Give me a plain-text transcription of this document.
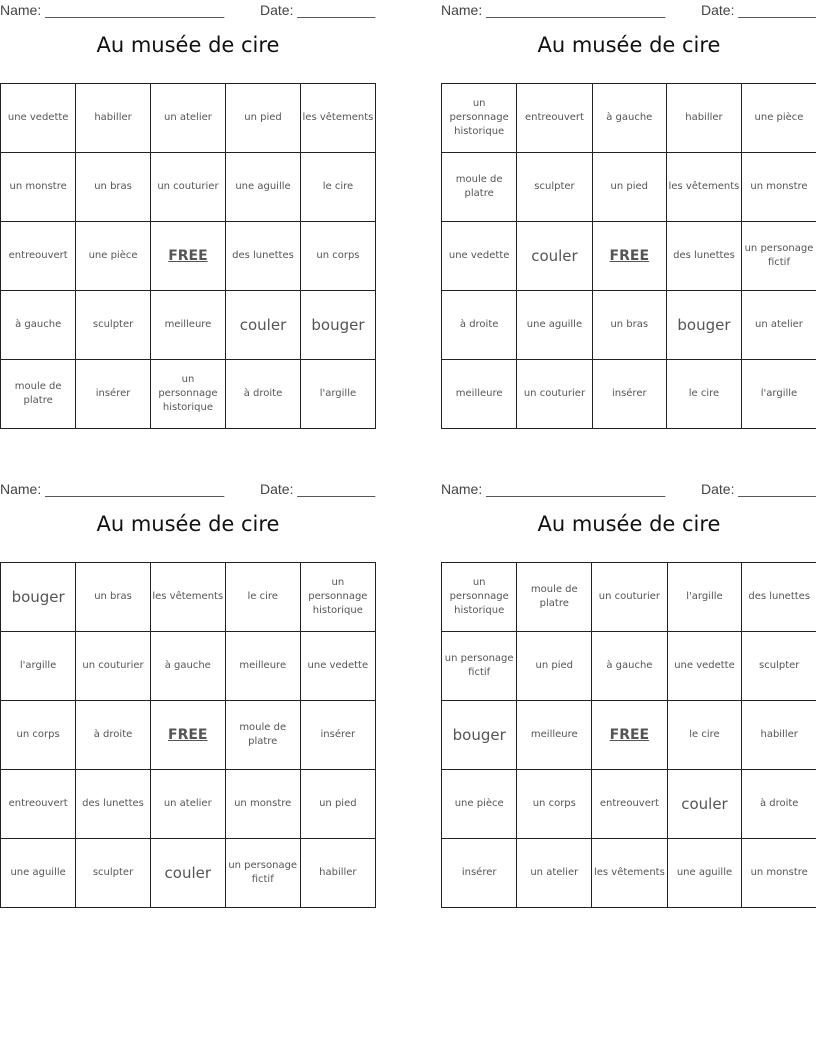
Name: _______________________	Date: __________
Au musée de cire
une vedette	habiller	un atelier	un pied	les vêtements
un monstre	un bras	un couturier	une aguille	le cire
entreouvert	une pièce	FREE	des lunettes	un corps
à gauche	sculpter	meilleure	couler	bouger
moule de platre	insérer	un personnage historique	à droite	l'argille
Name: _______________________	Date: __________
Au musée de cire
un personnage historique	entreouvert	à gauche	habiller	une pièce
moule de platre	sculpter	un pied	les vêtements	un monstre
une vedette	couler	FREE	des lunettes	un personage fictif
à droite	une aguille	un bras	bouger	un atelier
meilleure	un couturier	insérer	le cire	l'argille
Name: _______________________	Date: __________
Au musée de cire
bouger	un bras	les vêtements	le cire	un personnage historique
l'argille	un couturier	à gauche	meilleure	une vedette
un corps	à droite	FREE	moule de platre	insérer
entreouvert	des lunettes	un atelier	un monstre	un pied
une aguille	sculpter	couler	un personage fictif	habiller
Name: _______________________	Date: __________
Au musée de cire
un personnage historique	moule de platre	un couturier	l'argille	des lunettes
un personage fictif	un pied	à gauche	une vedette	sculpter
bouger	meilleure	FREE	le cire	habiller
une pièce	un corps	entreouvert	couler	à droite
insérer	un atelier	les vêtements	une aguille	un monstre
